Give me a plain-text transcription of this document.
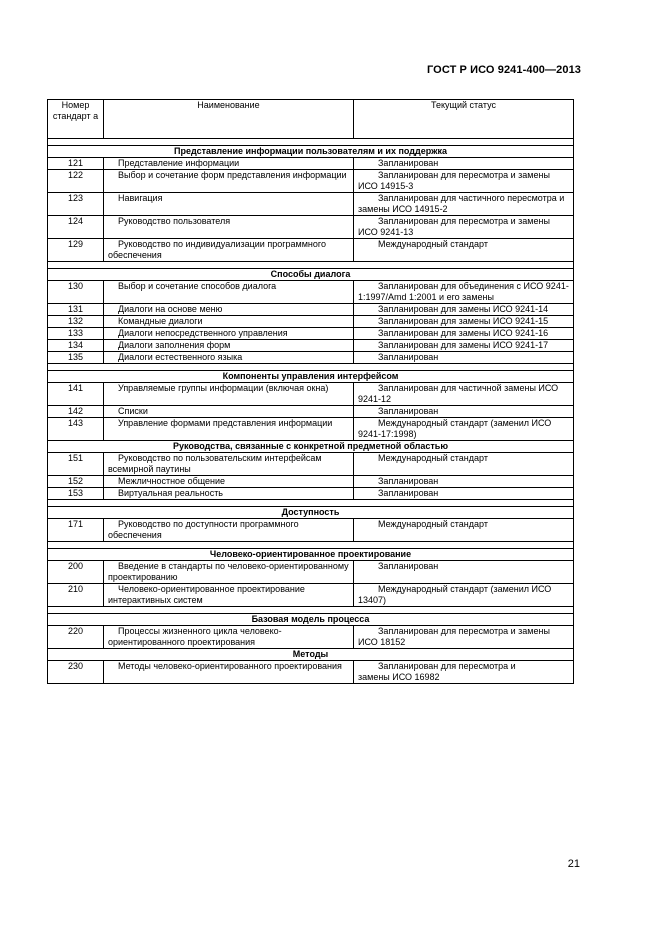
ГОСТ Р ИСО 9241-400—2013
Номер стандарт а	Наименование	Текущий статус

Представление информации пользователям и их поддержка		
121	Представление информации	Запланирован
122	Выбор и сочетание форм представления информации	Запланирован для пересмотра и замены ИСО 14915-3
123	Навигация	Запланирован для частичного пересмотра и замены ИСО 14915-2
124	Руководство пользователя	Запланирован для пересмотра и замены ИСО 9241-13
129	Руководство по индивидуализации программного обеспечения	Международный стандарт

Способы диалога		
130	Выбор и сочетание способов диалога	Запланирован для объединения с ИСО 9241-1:1997/Amd 1:2001 и его замены
131	Диалоги на основе меню	Запланирован для замены ИСО 9241-14
132	Командные диалоги	Запланирован для замены ИСО 9241-15
133	Диалоги непосредственного управления	Запланирован для замены ИСО 9241-16
134	Диалоги заполнения форм	Запланирован для замены ИСО 9241-17
135	Диалоги естественного языка	Запланирован

Компоненты управления интерфейсом		
141	Управляемые группы информации (включая окна)	Запланирован для частичной замены ИСО 9241-12
142	Списки	Запланирован
143	Управление формами представления информации	Международный стандарт (заменил ИСО 9241-17:1998)
Руководства, связанные с конкретной предметной областью		
151	Руководство по пользовательским интерфейсам всемирной паутины	Международный стандарт
152	Межличностное общение	Запланирован
153	Виртуальная реальность	Запланирован

Доступность		
171	Руководство по доступности программного обеспечения	Международный стандарт

Человеко-ориентированное проектирование		
200	Введение в стандарты по человеко-ориентированному проектированию	Запланирован
210	Человеко-ориентированное проектирование интерактивных систем	Международный стандарт (заменил ИСО 13407)

Базовая модель процесса		
220	Процессы жизненного цикла человеко-ориентированного проектирования	Запланирован для пересмотра и замены ИСО 18152
Методы		
230	Методы человеко-ориентированного проектирования	Запланирован для пересмотра и
замены ИСО 16982
21
